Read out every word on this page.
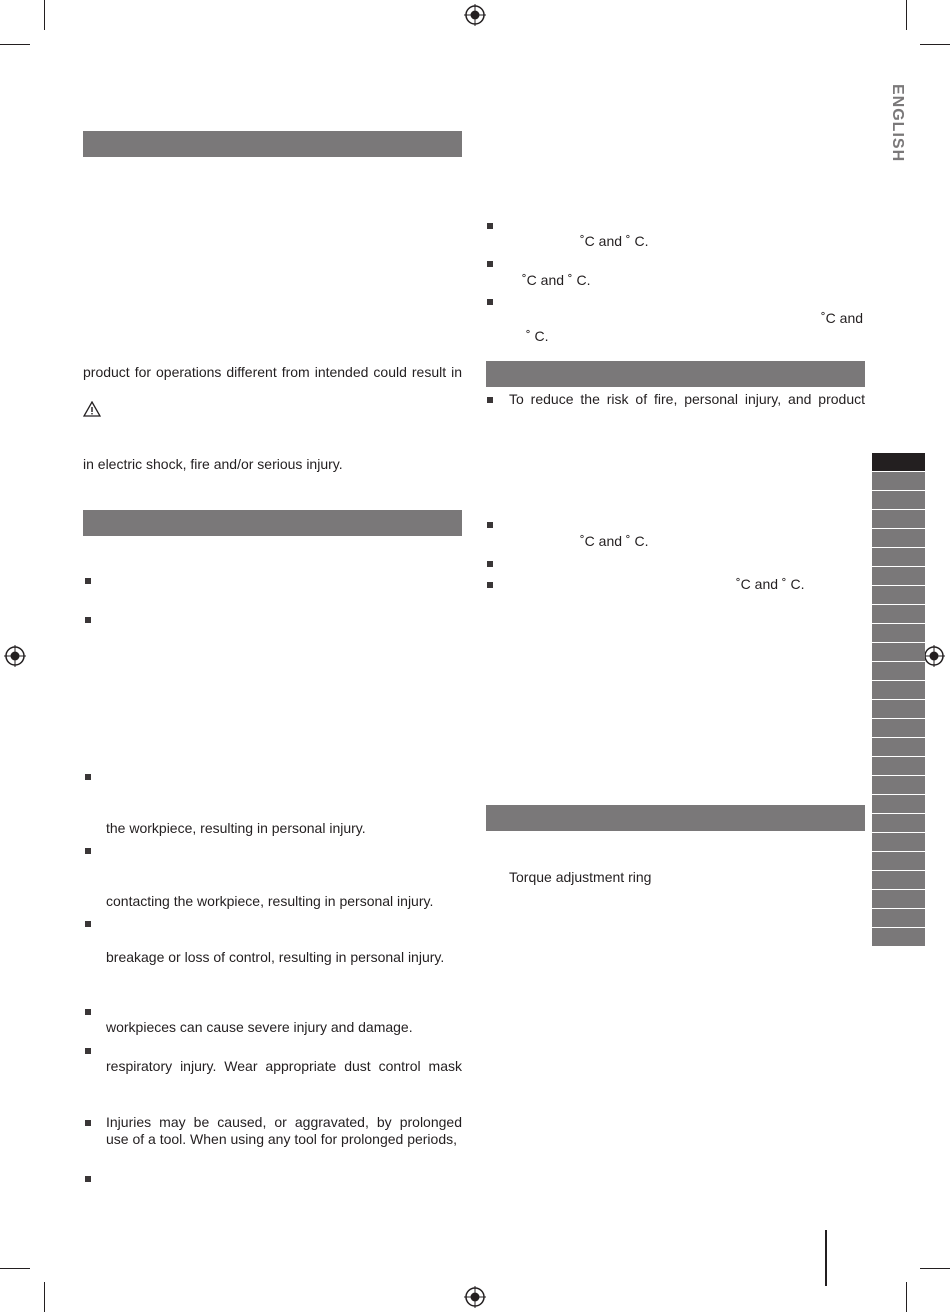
ENGLISH
product for operations different from intended could result in
in electric shock, fire and/or serious injury.
the workpiece, resulting in personal injury.
contacting the workpiece, resulting in personal injury.
breakage or loss of control, resulting in personal injury.
workpieces can cause severe injury and damage.
respiratory injury. Wear appropriate dust control mask
Injuries may be caused, or aggravated, by prolonged
use of a tool. When using any tool for prolonged periods,
˚C and ˚ C.
˚C and ˚ C.
˚C and
˚ C.
To reduce the risk of fire, personal injury, and product
˚C and ˚ C.
˚C and ˚ C.
Torque adjustment ring
